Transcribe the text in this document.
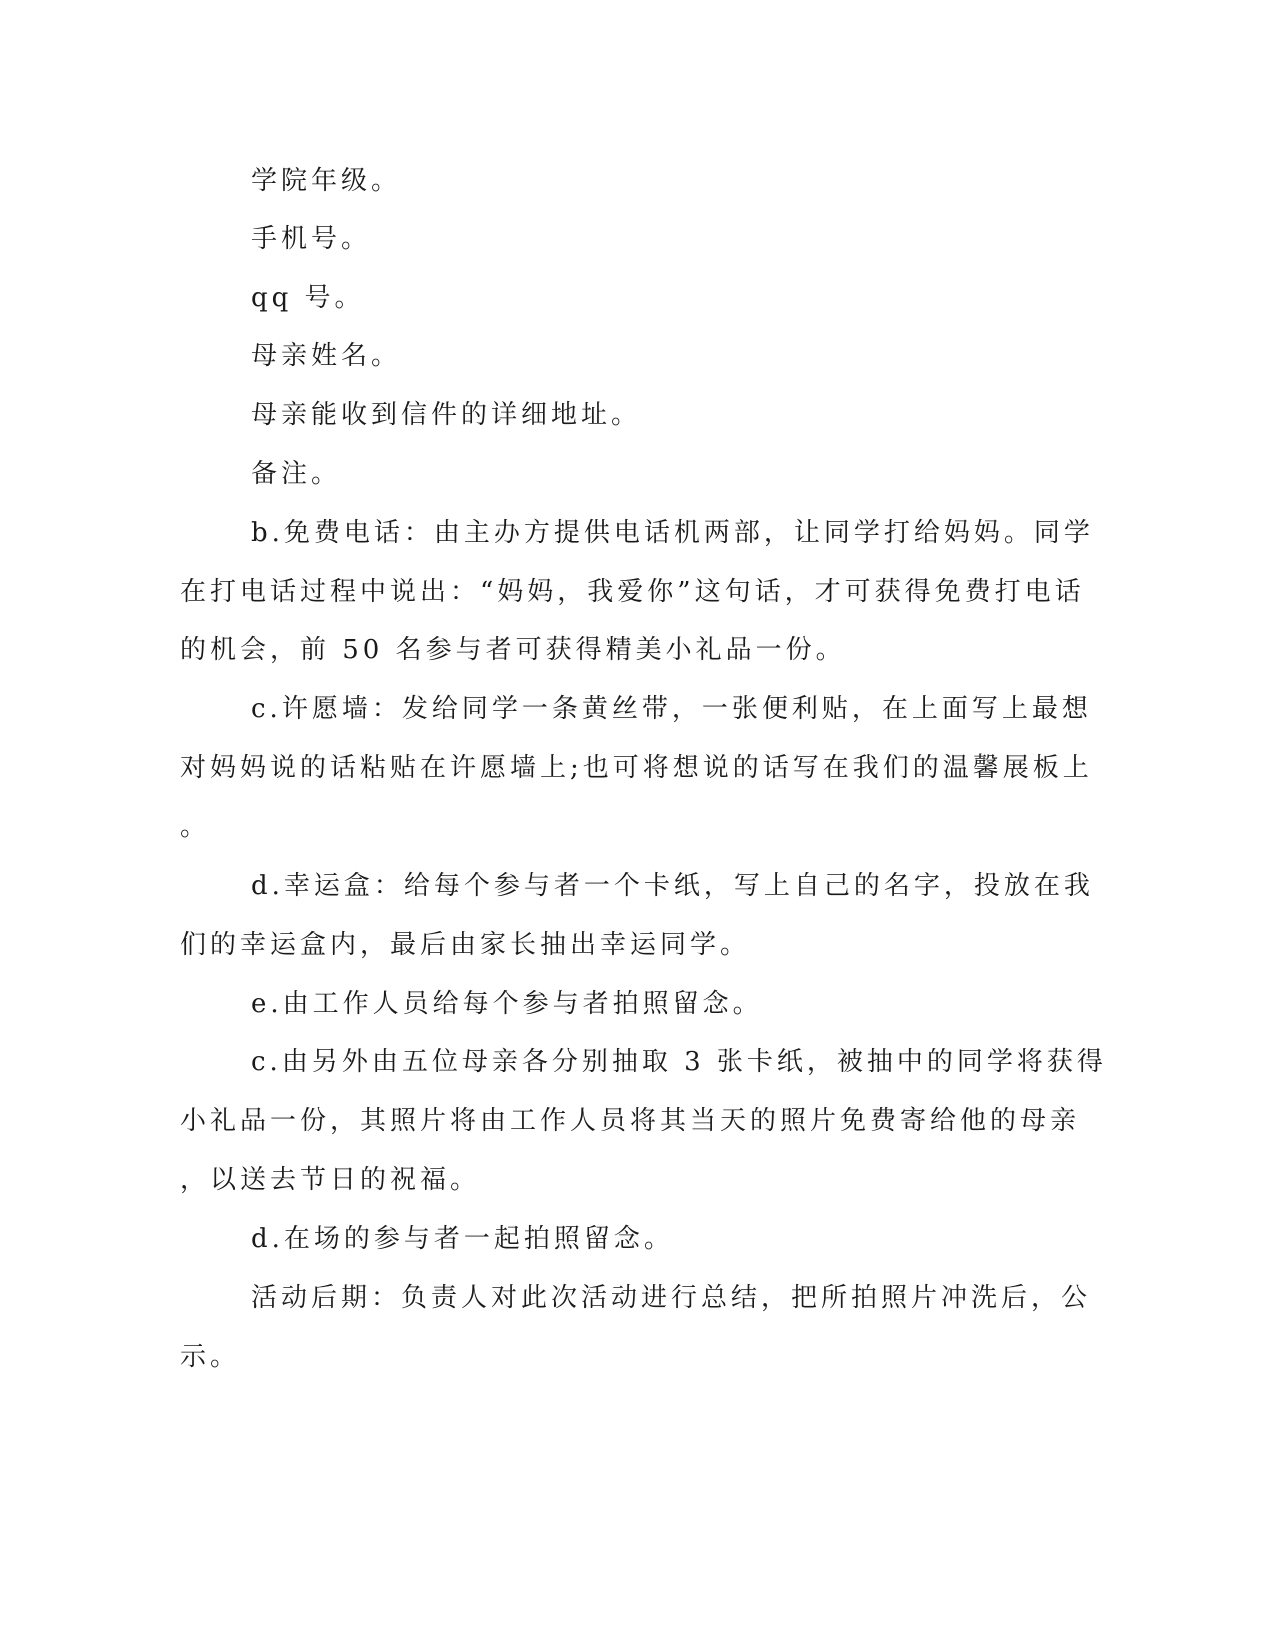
学院年级。
手机号。
qq 号。
母亲姓名。
母亲能收到信件的详细地址。
备注。
b.免费电话：由主办方提供电话机两部，让同学打给妈妈。同学
在打电话过程中说出：“妈妈，我爱你”这句话，才可获得免费打电话
的机会，前 50 名参与者可获得精美小礼品一份。
c.许愿墙：发给同学一条黄丝带，一张便利贴，在上面写上最想
对妈妈说的话粘贴在许愿墙上;也可将想说的话写在我们的温馨展板上
。
d.幸运盒：给每个参与者一个卡纸，写上自己的名字，投放在我
们的幸运盒内，最后由家长抽出幸运同学。
e.由工作人员给每个参与者拍照留念。
c.由另外由五位母亲各分别抽取 3 张卡纸，被抽中的同学将获得
小礼品一份，其照片将由工作人员将其当天的照片免费寄给他的母亲
，以送去节日的祝福。
d.在场的参与者一起拍照留念。
活动后期：负责人对此次活动进行总结，把所拍照片冲洗后，公
示。
